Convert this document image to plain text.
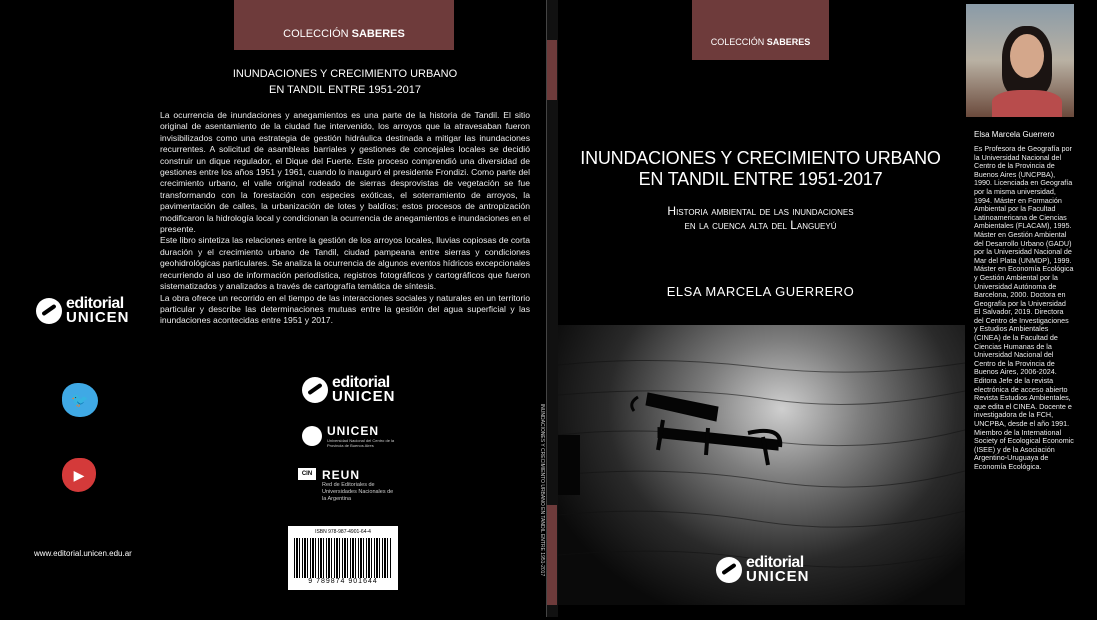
COLECCIÓN SABERES
INUNDACIONES Y CRECIMIENTO URBANO
EN TANDIL ENTRE 1951-2017

La ocurrencia de inundaciones y anegamientos es una parte de la historia de Tandil. El sitio original de asentamiento de la ciudad fue intervenido, los arroyos que la atravesaban fueron invisibilizados como una estrategia de gestión hidráulica destinada a mitigar las inundaciones recurrentes. A solicitud de asambleas barriales y gestiones de concejales locales se decidió construir un dique regulador, el Dique del Fuerte. Este proceso comprendió una diversidad de gestiones entre los años 1951 y 1961, cuando lo inauguró el presidente Frondizi. Como parte del crecimiento urbano, el valle original rodeado de sierras desprovistas de vegetación se fue transformando con la forestación con especies exóticas, el soterramiento de arroyos, la pavimentación de calles, la urbanización de lotes y baldíos; estos procesos de antropización modificaron la hidrología local y condicionan la ocurrencia de anegamientos e inundaciones en el presente.

Este libro sintetiza las relaciones entre la gestión de los arroyos locales, lluvias copiosas de corta duración y el crecimiento urbano de Tandil, ciudad pampeana entre sierras y condiciones geohidrológicas particulares. Se analiza la ocurrencia de algunos eventos hídricos excepcionales recurriendo al uso de información periodística, registros fotográficos y cartográficos que fueron sistematizados y analizados a través de cartografía temática de síntesis.

La obra ofrece un recorrido en el tiempo de las interacciones sociales y naturales en un territorio particular y describe las determinaciones mutuas entre la gestión del agua superficial y las inundaciones acontecidas entre 1951 y 2017.

editorial
UNICEN
🐦
▶
www.editorial.unicen.edu.ar
editorial
UNICEN
UNICEN
Universidad Nacional del Centro de la Provincia de Buenos Aires
CIN REUN
Red de Editoriales de Universidades Nacionales de la Argentina
ISBN 978-987-4901-64-4
9 789874 901644
INUNDACIONES Y CRECIMIENTO URBANO EN TANDIL ENTRE 1951-2017
COLECCIÓN SABERES
INUNDACIONES Y CRECIMIENTO URBANO
EN TANDIL ENTRE 1951-2017
Historia ambiental de las inundaciones
en la cuenca alta del Langueyú
ELSA MARCELA GUERRERO
editorial
UNICEN
Elsa Marcela Guerrero
Es Profesora de Geografía por la Universidad Nacional del Centro de la Provincia de Buenos Aires (UNCPBA), 1990. Licenciada en Geografía por la misma universidad, 1994. Máster en Formación Ambiental por la Facultad Latinoamericana de Ciencias Ambientales (FLACAM), 1995. Máster en Gestión Ambiental del Desarrollo Urbano (GADU) por la Universidad Nacional de Mar del Plata (UNMDP), 1999. Máster en Economía Ecológica y Gestión Ambiental por la Universidad Autónoma de Barcelona, 2000. Doctora en Geografía por la Universidad El Salvador, 2019. Directora del Centro de Investigaciones y Estudios Ambientales (CINEA) de la Facultad de Ciencias Humanas de la Universidad Nacional del Centro de la Provincia de Buenos Aires, 2006-2024. Editora Jefe de la revista electrónica de acceso abierto Revista Estudios Ambientales, que edita el CINEA. Docente e investigadora de la FCH, UNCPBA, desde el año 1991. Miembro de la International Society of Ecological Economic (ISEE) y de la Asociación Argentino-Uruguaya de Economía Ecológica.
